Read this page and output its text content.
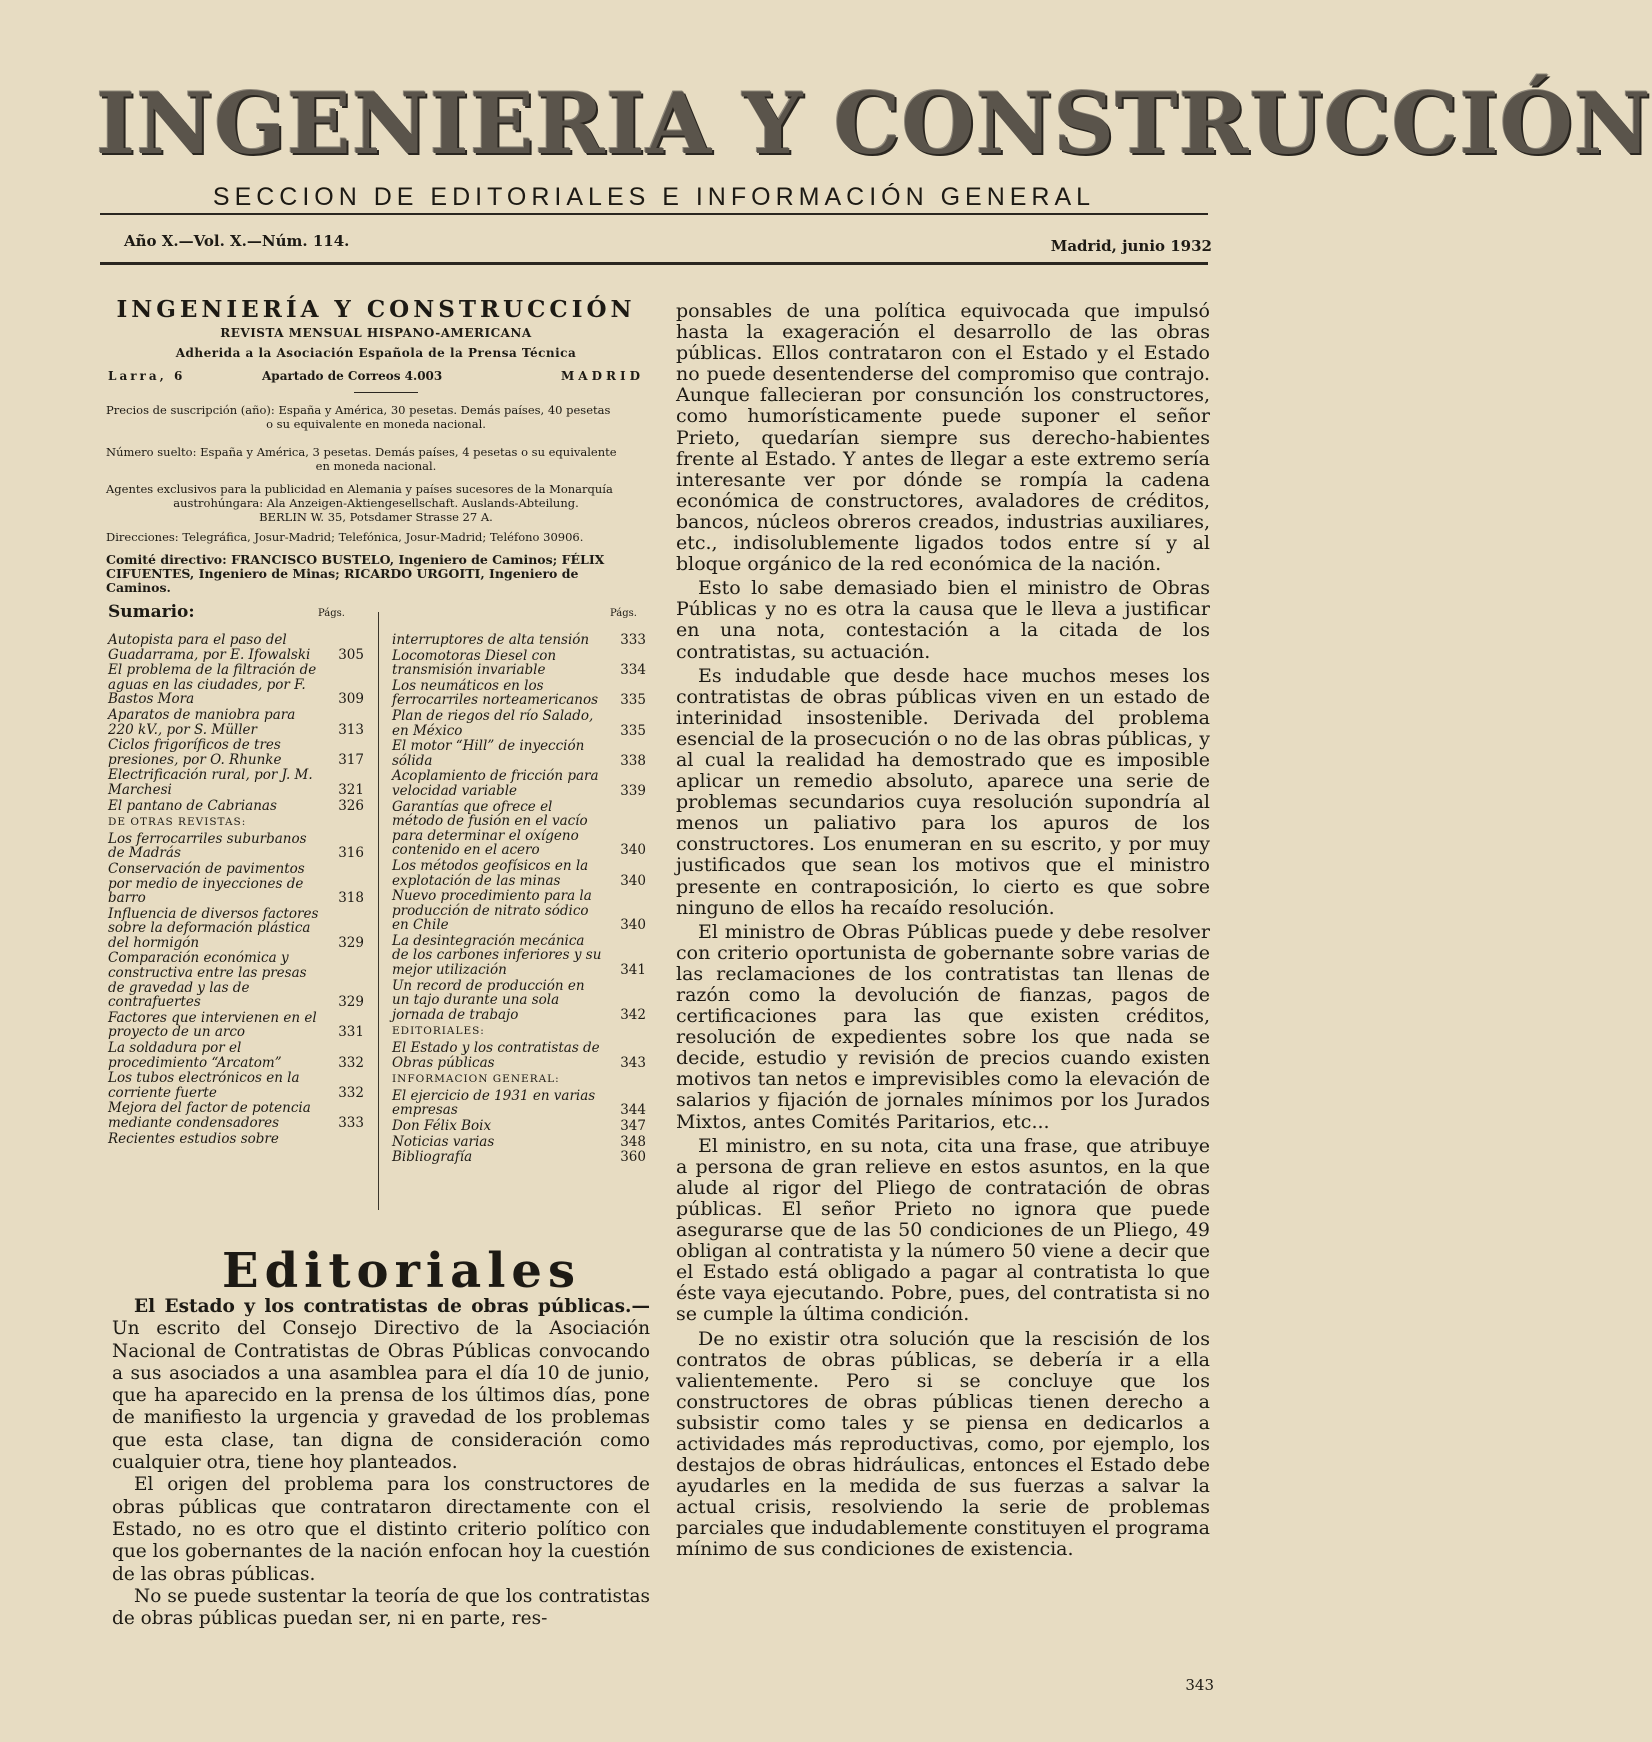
INGENIERIA Y CONSTRUCCIÓN
SECCION DE EDITORIALES E INFORMACIÓN GENERAL
Año X.—Vol. X.—Núm. 114.	Madrid, junio 1932
INGENIERÍA Y CONSTRUCCIÓN
REVISTA MENSUAL HISPANO-AMERICANA
Adherida a la Asociación Española de la Prensa Técnica
Larra, 6	Apartado de Correos 4.003	MADRID
Precios de suscripción (año): España y América, 30 pesetas. Demás países, 40 pesetas
o su equivalente en moneda nacional.
Número suelto: España y América, 3 pesetas. Demás países, 4 pesetas o su equivalente
en moneda nacional.
Agentes exclusivos para la publicidad en Alemania y países sucesores de la Monarquía
austrohúngara: Ala Anzeigen-Aktiengesellschaft. Auslands-Abteilung.
BERLIN W. 35, Potsdamer Strasse 27 A.
Direcciones: Telegráfica, Josur-Madrid; Telefónica, Josur-Madrid; Teléfono 30906.
Comité directivo: FRANCISCO BUSTELO, Ingeniero de Caminos; FÉLIX CIFUENTES, Ingeniero de Minas; RICARDO URGOITI, Ingeniero de Caminos.
Sumario:	Págs.	Págs.
Autopista para el paso del Guadarrama, por E. Ifowalski	305
El problema de la filtración de aguas en las ciudades, por F. Bastos Mora	309
Aparatos de maniobra para 220 kV., por S. Müller	313
Ciclos frigoríficos de tres presiones, por O. Rhunke	317
Electrificación rural, por J. M. Marchesi	321
El pantano de Cabrianas	326
DE OTRAS REVISTAS:
Los ferrocarriles suburbanos de Madrás	316
Conservación de pavimentos por medio de inyecciones de barro	318
Influencia de diversos factores sobre la deformación plástica del hormigón	329
Comparación económica y constructiva entre las presas de gravedad y las de contrafuertes	329
Factores que intervienen en el proyecto de un arco	331
La soldadura por el procedimiento “Arcatom”	332
Los tubos electrónicos en la corriente fuerte	332
Mejora del factor de potencia mediante condensadores	333
Recientes estudios sobre
interruptores de alta tensión	333
Locomotoras Diesel con transmisión invariable	334
Los neumáticos en los ferrocarriles norteamericanos	335
Plan de riegos del río Salado, en México	335
El motor “Hill” de inyección sólida	338
Acoplamiento de fricción para velocidad variable	339
Garantías que ofrece el método de fusión en el vacío para determinar el oxígeno contenido en el acero	340
Los métodos geofísicos en la explotación de las minas	340
Nuevo procedimiento para la producción de nitrato sódico en Chile	340
La desintegración mecánica de los carbones inferiores y su mejor utilización	341
Un record de producción en un tajo durante una sola jornada de trabajo	342
EDITORIALES:
El Estado y los contratistas de Obras públicas	343
INFORMACION GENERAL:
El ejercicio de 1931 en varias empresas	344
Don Félix Boix	347
Noticias varias	348
Bibliografía	360
Editoriales

El Estado y los contratistas de obras públicas.— Un escrito del Consejo Directivo de la Asociación Nacional de Contratistas de Obras Públicas convocando a sus asociados a una asamblea para el día 10 de junio, que ha aparecido en la prensa de los últimos días, pone de manifiesto la urgencia y gravedad de los problemas que esta clase, tan digna de consideración como cualquier otra, tiene hoy planteados.

El origen del problema para los constructores de obras públicas que contrataron directamente con el Estado, no es otro que el distinto criterio político con que los gobernantes de la nación enfocan hoy la cuestión de las obras públicas.

No se puede sustentar la teoría de que los contratistas de obras públicas puedan ser, ni en parte, res-

ponsables de una política equivocada que impulsó hasta la exageración el desarrollo de las obras públicas. Ellos contrataron con el Estado y el Estado no puede desentenderse del compromiso que contrajo. Aunque fallecieran por consunción los constructores, como humorísticamente puede suponer el señor Prieto, quedarían siempre sus derecho-habientes frente al Estado. Y antes de llegar a este extremo sería interesante ver por dónde se rompía la cadena económica de constructores, avaladores de créditos, bancos, núcleos obreros creados, industrias auxiliares, etc., indisolublemente ligados todos entre sí y al bloque orgánico de la red económica de la nación.

Esto lo sabe demasiado bien el ministro de Obras Públicas y no es otra la causa que le lleva a justificar en una nota, contestación a la citada de los contratistas, su actuación.

Es indudable que desde hace muchos meses los contratistas de obras públicas viven en un estado de interinidad insostenible. Derivada del problema esencial de la prosecución o no de las obras públicas, y al cual la realidad ha demostrado que es imposible aplicar un remedio absoluto, aparece una serie de problemas secundarios cuya resolución supondría al menos un paliativo para los apuros de los constructores. Los enumeran en su escrito, y por muy justificados que sean los motivos que el ministro presente en contraposición, lo cierto es que sobre ninguno de ellos ha recaído resolución.

El ministro de Obras Públicas puede y debe resolver con criterio oportunista de gobernante sobre varias de las reclamaciones de los contratistas tan llenas de razón como la devolución de fianzas, pagos de certificaciones para las que existen créditos, resolución de expedientes sobre los que nada se decide, estudio y revisión de precios cuando existen motivos tan netos e imprevisibles como la elevación de salarios y fijación de jornales mínimos por los Jurados Mixtos, antes Comités Paritarios, etc...

El ministro, en su nota, cita una frase, que atribuye a persona de gran relieve en estos asuntos, en la que alude al rigor del Pliego de contratación de obras públicas. El señor Prieto no ignora que puede asegurarse que de las 50 condiciones de un Pliego, 49 obligan al contratista y la número 50 viene a decir que el Estado está obligado a pagar al contratista lo que éste vaya ejecutando. Pobre, pues, del contratista si no se cumple la última condición.

De no existir otra solución que la rescisión de los contratos de obras públicas, se debería ir a ella valientemente. Pero si se concluye que los constructores de obras públicas tienen derecho a subsistir como tales y se piensa en dedicarlos a actividades más reproductivas, como, por ejemplo, los destajos de obras hidráulicas, entonces el Estado debe ayudarles en la medida de sus fuerzas a salvar la actual crisis, resolviendo la serie de problemas parciales que indudablemente constituyen el programa mínimo de sus condiciones de existencia.

343
